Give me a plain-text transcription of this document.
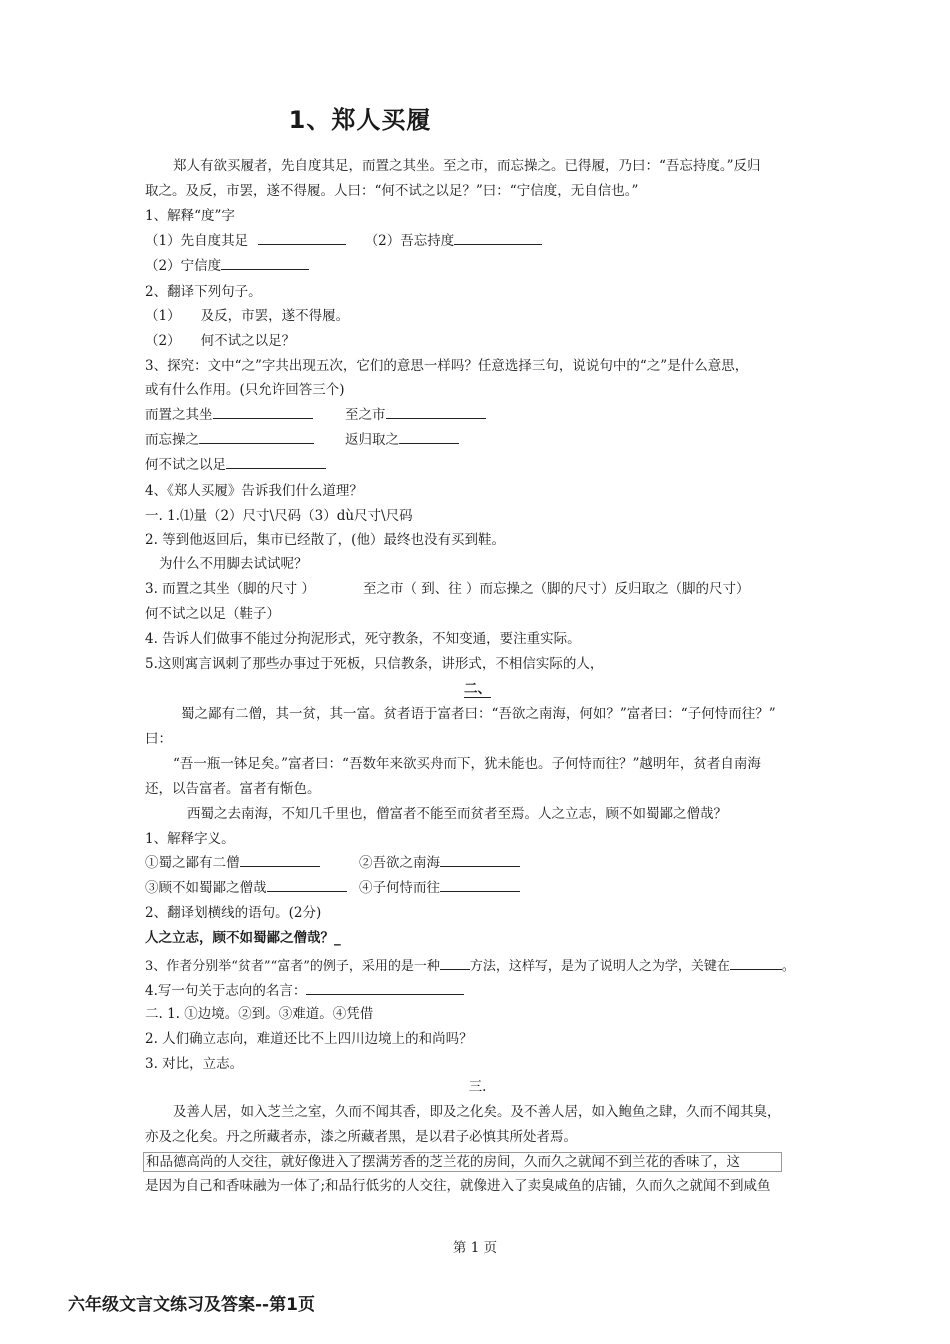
1、郑人买履
郑人有欲买履者，先自度其足，而置之其坐。至之市，而忘操之。已得履，乃曰：“吾忘持度。”反归
取之。及反，市罢，遂不得履。人曰：“何不试之以足？”曰：“宁信度，无自信也。”
1、解释“度”字
（1）先自度其足	（2）吾忘持度
（2）宁信度
2、翻译下列句子。
（1） 及反，市罢，遂不得履。
（2） 何不试之以足？
3、探究：文中“之”字共出现五次，它们的意思一样吗？任意选择三句，说说句中的“之”是什么意思，
或有什么作用。(只允许回答三个)
而置之其坐	至之市
而忘操之	返归取之
何不试之以足
4、《郑人买履》告诉我们什么道理？
一. 1.⑴量（2）尺寸\尺码（3）dù尺寸\尺码
2. 等到他返回后，集市已经散了，(他）最终也没有买到鞋。
为什么不用脚去试试呢？
3. 而置之其坐（脚的尺寸 ）	至之市（ 到、往 ）而忘操之（脚的尺寸）反归取之（脚的尺寸）
何不试之以足（鞋子）
4. 告诉人们做事不能过分拘泥形式，死守教条，不知变通，要注重实际。
5.这则寓言讽刺了那些办事过于死板，只信教条，讲形式，不相信实际的人，
二、
蜀之鄙有二僧，其一贫，其一富。贫者语于富者曰：“吾欲之南海，何如？”富者曰：“子何恃而往？”
曰：
“吾一瓶一钵足矣。”富者曰：“吾数年来欲买舟而下，犹未能也。子何恃而往？”越明年，贫者自南海
还，以告富者。富者有惭色。
西蜀之去南海，不知几千里也，僧富者不能至而贫者至焉。人之立志，顾不如蜀鄙之僧哉？
1、解释字义。
①蜀之鄙有二僧	②吾欲之南海
③顾不如蜀鄙之僧哉	④子何恃而往
2、翻译划横线的语句。(2分)
人之立志，顾不如蜀鄙之僧哉？_
3、作者分别举“贫者”“富者”的例子，采用的是一种 方法，这样写，是为了说明人之为学，关键在	。
4.写一句关于志向的名言：
二. 1. ①边境。②到。③难道。④凭借
2. 人们确立志向，难道还比不上四川边境上的和尚吗？
3. 对比，立志。
三.
及善人居，如入芝兰之室，久而不闻其香，即及之化矣。及不善人居，如入鲍鱼之肆，久而不闻其臭，
亦及之化矣。丹之所藏者赤，漆之所藏者黑，是以君子必慎其所处者焉。
和品德高尚的人交往，就好像进入了摆满芳香的芝兰花的房间，久而久之就闻不到兰花的香味了，这
是因为自己和香味融为一体了;和品行低劣的人交往，就像进入了卖臭咸鱼的店铺，久而久之就闻不到咸鱼
第 1 页
六年级文言文练习及答案--第1页
